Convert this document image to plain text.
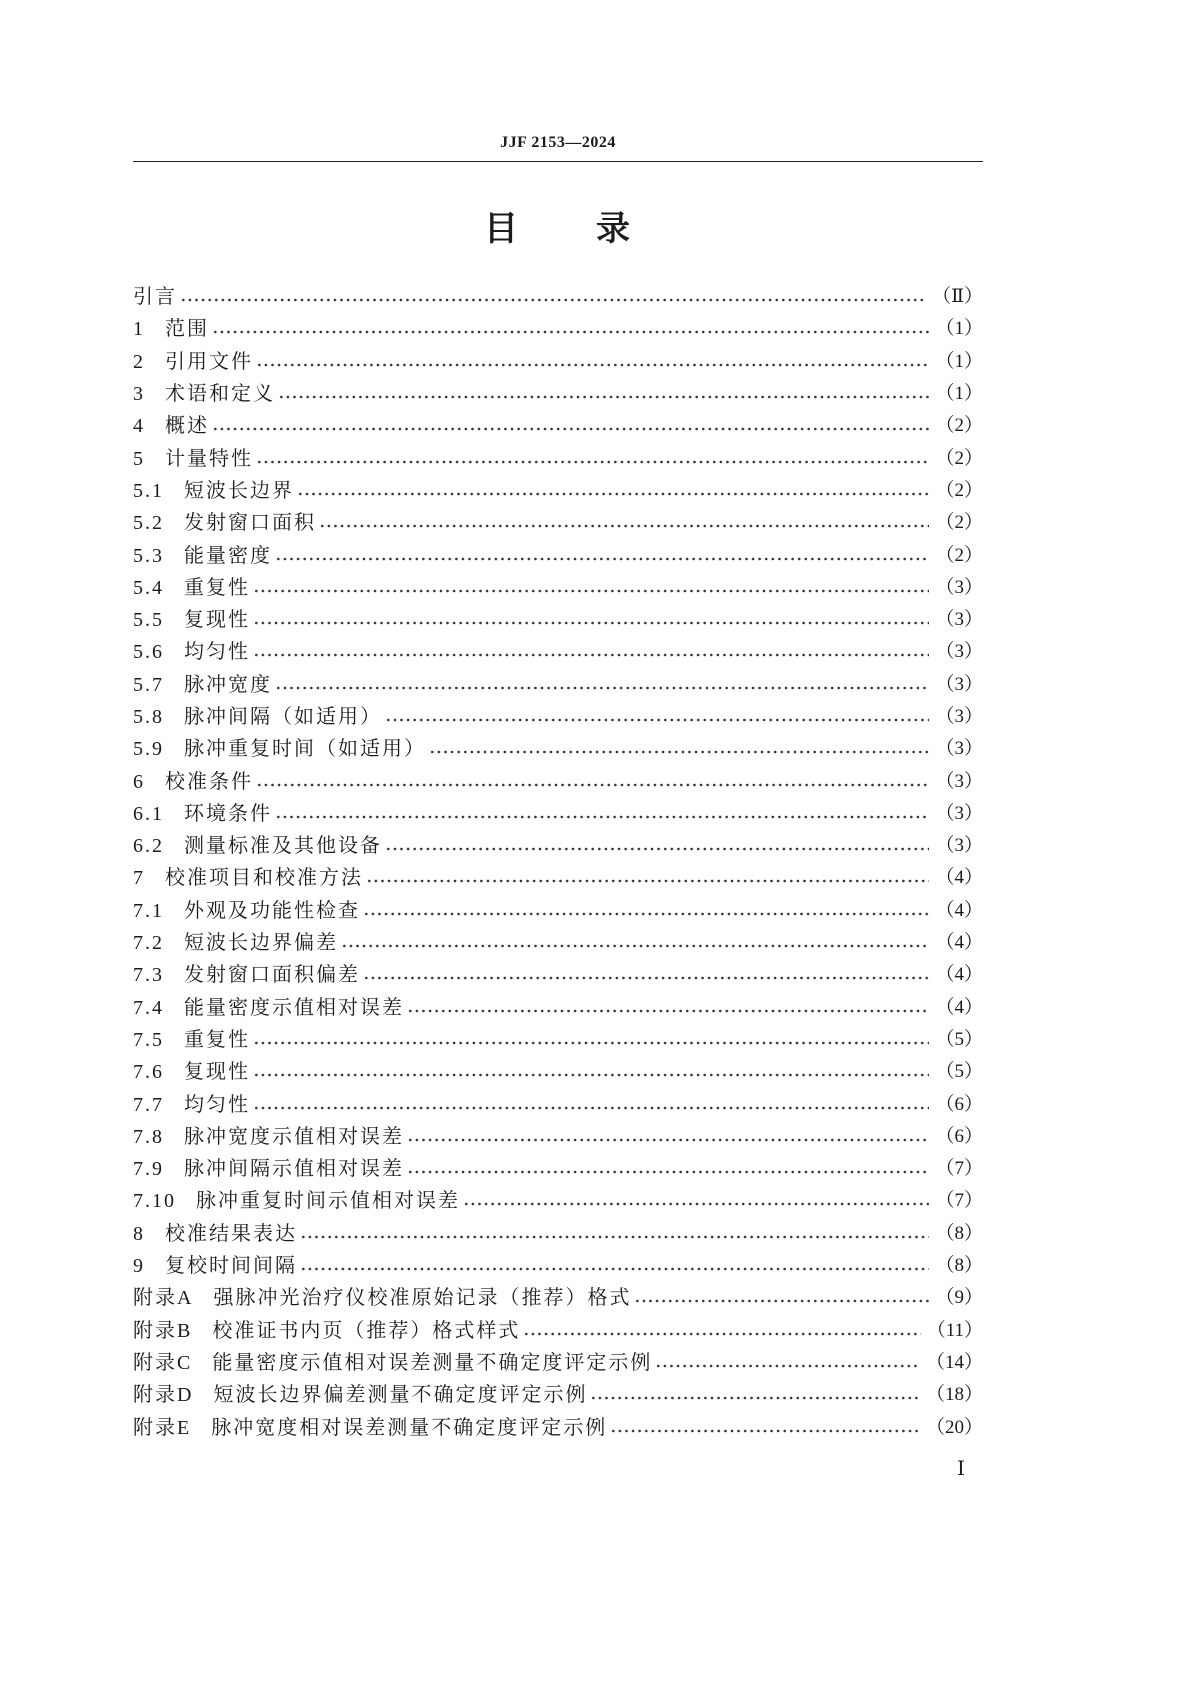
JJF 2153—2024
目录
引言	（Ⅱ）
1 范围	（1）
2 引用文件	（1）
3 术语和定义	（1）
4 概述	（2）
5 计量特性	（2）
5.1 短波长边界	（2）
5.2 发射窗口面积	（2）
5.3 能量密度	（2）
5.4 重复性	（3）
5.5 复现性	（3）
5.6 均匀性	（3）
5.7 脉冲宽度	（3）
5.8 脉冲间隔（如适用）	（3）
5.9 脉冲重复时间（如适用）	（3）
6 校准条件	（3）
6.1 环境条件	（3）
6.2 测量标准及其他设备	（3）
7 校准项目和校准方法	（4）
7.1 外观及功能性检查	（4）
7.2 短波长边界偏差	（4）
7.3 发射窗口面积偏差	（4）
7.4 能量密度示值相对误差	（4）
7.5 重复性	（5）
7.6 复现性	（5）
7.7 均匀性	（6）
7.8 脉冲宽度示值相对误差	（6）
7.9 脉冲间隔示值相对误差	（7）
7.10 脉冲重复时间示值相对误差	（7）
8 校准结果表达	（8）
9 复校时间间隔	（8）
附录A 强脉冲光治疗仪校准原始记录（推荐）格式	（9）
附录B 校准证书内页（推荐）格式样式	（11）
附录C 能量密度示值相对误差测量不确定度评定示例	（14）
附录D 短波长边界偏差测量不确定度评定示例	（18）
附录E 脉冲宽度相对误差测量不确定度评定示例	（20）
Ⅰ
